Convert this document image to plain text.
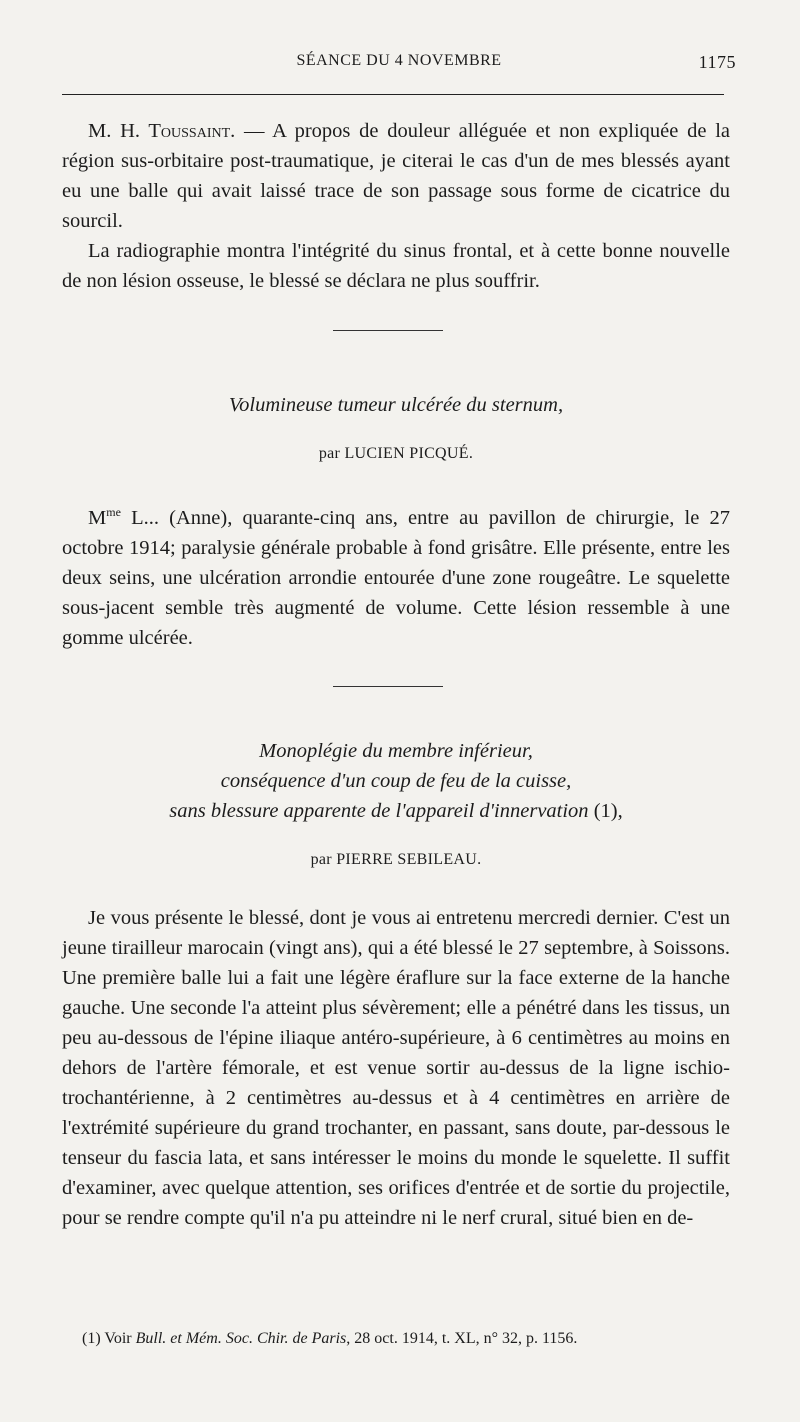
SÉANCE DU 4 NOVEMBRE	1175

M. H. Toussaint. — A propos de douleur alléguée et non expliquée de la région sus-orbitaire post-traumatique, je citerai le cas d'un de mes blessés ayant eu une balle qui avait laissé trace de son passage sous forme de cicatrice du sourcil.

La radiographie montra l'intégrité du sinus frontal, et à cette bonne nouvelle de non lésion osseuse, le blessé se déclara ne plus souffrir.

Volumineuse tumeur ulcérée du sternum,

par LUCIEN PICQUÉ.

$M^{me}$ L... (Anne), quarante-cinq ans, entre au pavillon de chirurgie, le 27 octobre 1914; paralysie générale probable à fond grisâtre. Elle présente, entre les deux seins, une ulcération arrondie entourée d'une zone rougeâtre. Le squelette sous-jacent semble très augmenté de volume. Cette lésion ressemble à une gomme ulcérée.

Monoplégie du membre inférieur,

conséquence d'un coup de feu de la cuisse,

sans blessure apparente de l'appareil d'innervation (1),

par PIERRE SEBILEAU.

Je vous présente le blessé, dont je vous ai entretenu mercredi dernier. C'est un jeune tirailleur marocain (vingt ans), qui a été blessé le 27 septembre, à Soissons. Une première balle lui a fait une légère éraflure sur la face externe de la hanche gauche. Une seconde l'a atteint plus sévèrement; elle a pénétré dans les tissus, un peu au-dessous de l'épine iliaque antéro-supérieure, à 6 centimètres au moins en dehors de l'artère fémorale, et est venue sortir au-dessus de la ligne ischio-trochantérienne, à 2 centimètres au-dessus et à 4 centimètres en arrière de l'extrémité supérieure du grand trochanter, en passant, sans doute, par-dessous le tenseur du fascia lata, et sans intéresser le moins du monde le squelette. Il suffit d'examiner, avec quelque attention, ses orifices d'entrée et de sortie du projectile, pour se rendre compte qu'il n'a pu atteindre ni le nerf crural, situé bien en de-

(1) Voir Bull. et Mém. Soc. Chir. de Paris, 28 oct. 1914, t. XL, n° 32, p. 1156.
